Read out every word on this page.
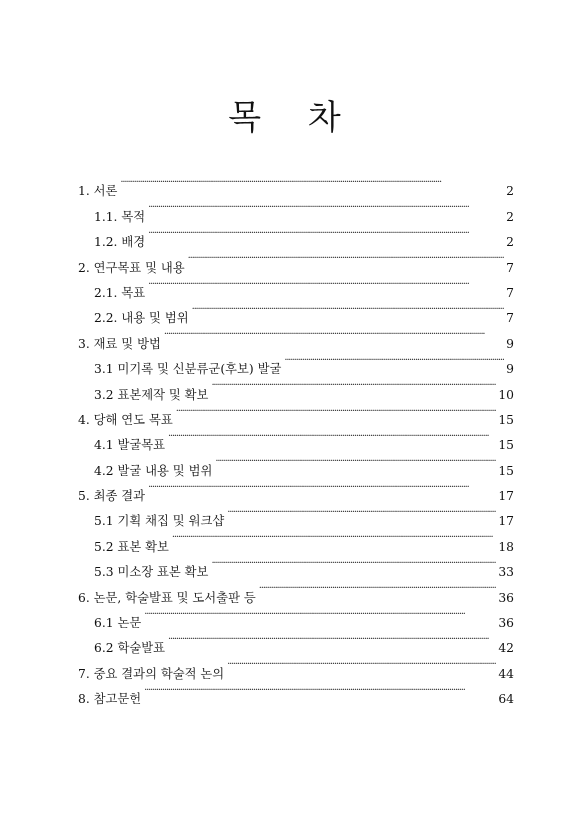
목 차
1. 서론 ·····	2
1.1. 목적 ·····	2
1.2. 배경 ·····	2
2. 연구목표 및 내용 ·····	7
2.1. 목표 ·····	7
2.2. 내용 및 범위 ·····	7
3. 재료 및 방법 ·····	9
3.1 미기록 및 신분류군(후보) 발굴 ·····	9
3.2 표본제작 및 확보 ·····	10
4. 당해 연도 목표 ·····	15
4.1 발굴목표 ·····	15
4.2 발굴 내용 및 범위 ·····	15
5. 최종 결과 ·····	17
5.1 기획 채집 및 워크샵 ·····	17
5.2 표본 확보 ·····	18
5.3 미소장 표본 확보 ·····	33
6. 논문, 학술발표 및 도서출판 등 ·····	36
6.1 논문 ·····	36
6.2 학술발표 ·····	42
7. 중요 결과의 학술적 논의 ·····	44
8. 참고문헌 ·····	64
